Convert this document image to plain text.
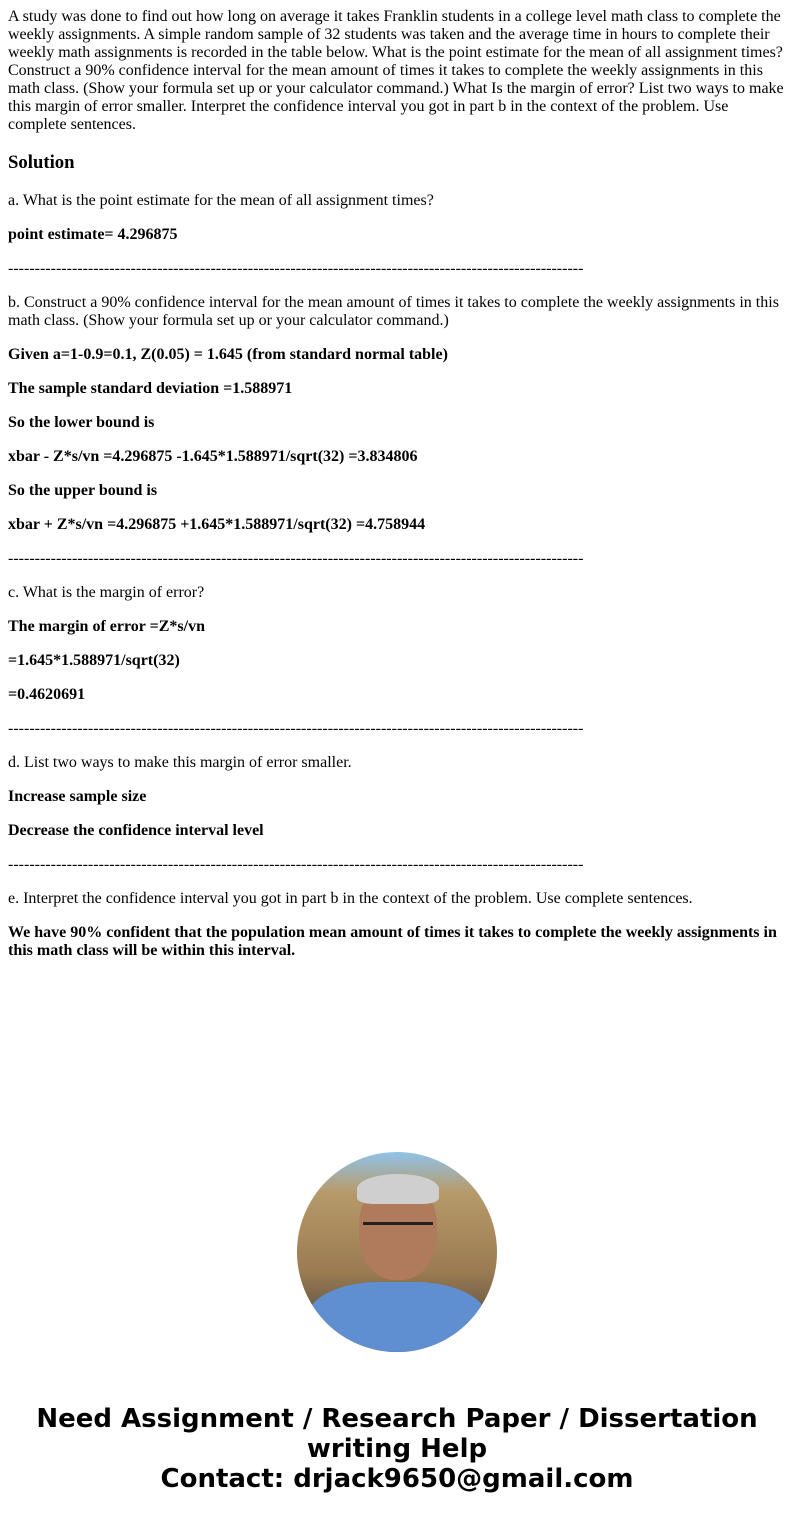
A study was done to find out how long on average it takes Franklin students in a college level math class to complete the weekly assignments. A simple random sample of 32 students was taken and the average time in hours to complete their weekly math assignments is recorded in the table below. What is the point estimate for the mean of all assignment times? Construct a 90% confidence interval for the mean amount of times it takes to complete the weekly assignments in this math class. (Show your formula set up or your calculator command.) What Is the margin of error? List two ways to make this margin of error smaller. Interpret the confidence interval you got in part b in the context of the problem. Use complete sentences.

Solution

a. What is the point estimate for the mean of all assignment times?

point estimate= 4.296875

------------------------------------------------------------------------------------------------------------

b. Construct a 90% confidence interval for the mean amount of times it takes to complete the weekly assignments in this math class. (Show your formula set up or your calculator command.)

Given a=1-0.9=0.1, Z(0.05) = 1.645 (from standard normal table)

The sample standard deviation =1.588971

So the lower bound is

xbar - Z*s/vn =4.296875 -1.645*1.588971/sqrt(32) =3.834806

So the upper bound is

xbar + Z*s/vn =4.296875 +1.645*1.588971/sqrt(32) =4.758944

------------------------------------------------------------------------------------------------------------

c. What is the margin of error?

The margin of error =Z*s/vn

=1.645*1.588971/sqrt(32)

=0.4620691

------------------------------------------------------------------------------------------------------------

d. List two ways to make this margin of error smaller.

Increase sample size

Decrease the confidence interval level

------------------------------------------------------------------------------------------------------------

e. Interpret the confidence interval you got in part b in the context of the problem. Use complete sentences.

We have 90% confident that the population mean amount of times it takes to complete the weekly assignments in this math class will be within this interval.

Need Assignment / Research Paper / Dissertation writing Help
Contact: drjack9650@gmail.com
